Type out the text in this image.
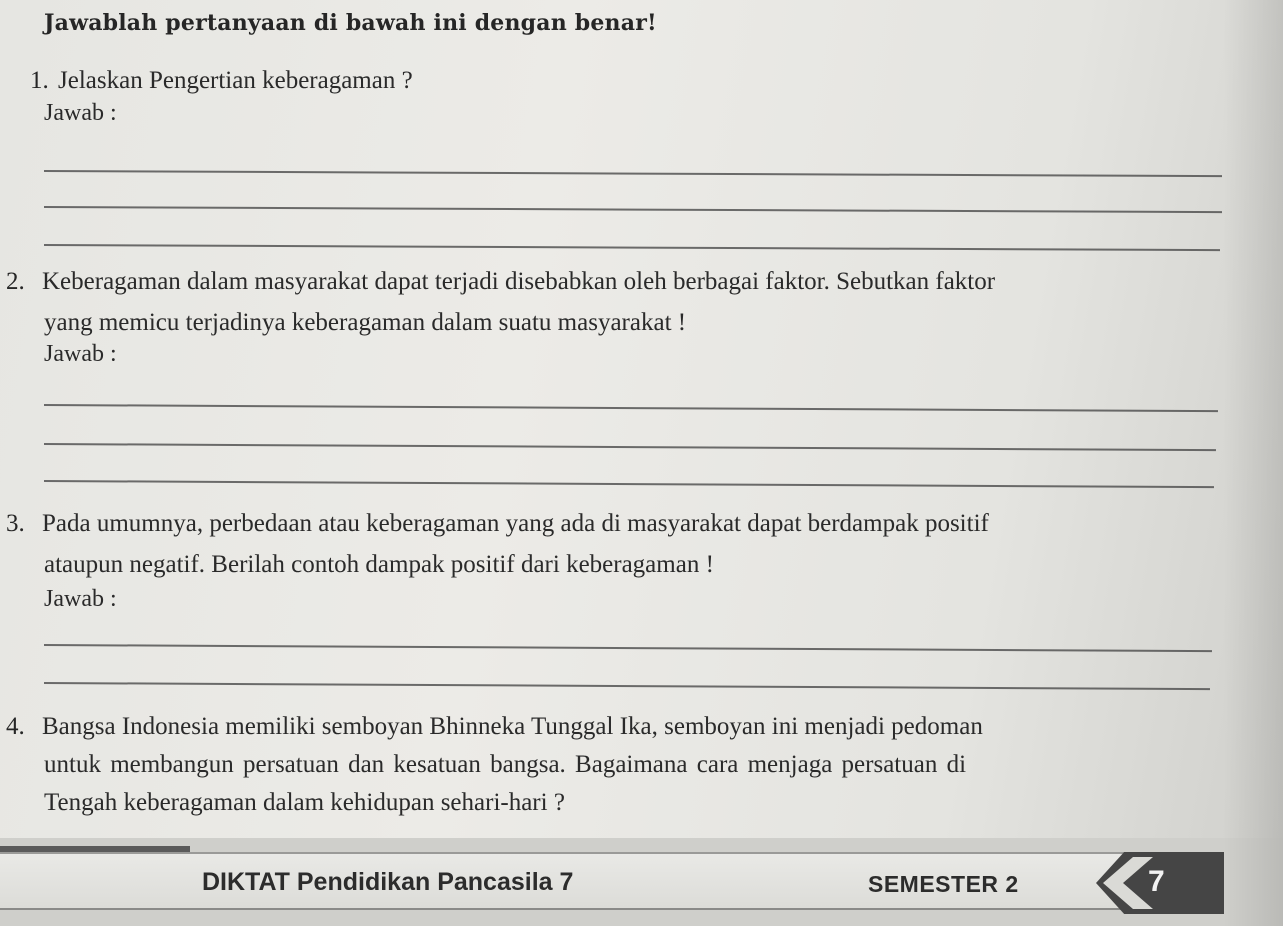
Jawablah pertanyaan di bawah ini dengan benar!
1. Jelaskan Pengertian keberagaman ?
Jawab :
2. Keberagaman dalam masyarakat dapat terjadi disebabkan oleh berbagai faktor. Sebutkan faktor
yang memicu terjadinya keberagaman dalam suatu masyarakat !
Jawab :
3. Pada umumnya, perbedaan atau keberagaman yang ada di masyarakat dapat berdampak positif
ataupun negatif. Berilah contoh dampak positif dari keberagaman !
Jawab :
4. Bangsa Indonesia memiliki semboyan Bhinneka Tunggal Ika, semboyan ini menjadi pedoman
untuk membangun persatuan dan kesatuan bangsa. Bagaimana cara menjaga persatuan di
Tengah keberagaman dalam kehidupan sehari-hari ?
DIKTAT Pendidikan Pancasila 7	SEMESTER 2	7
